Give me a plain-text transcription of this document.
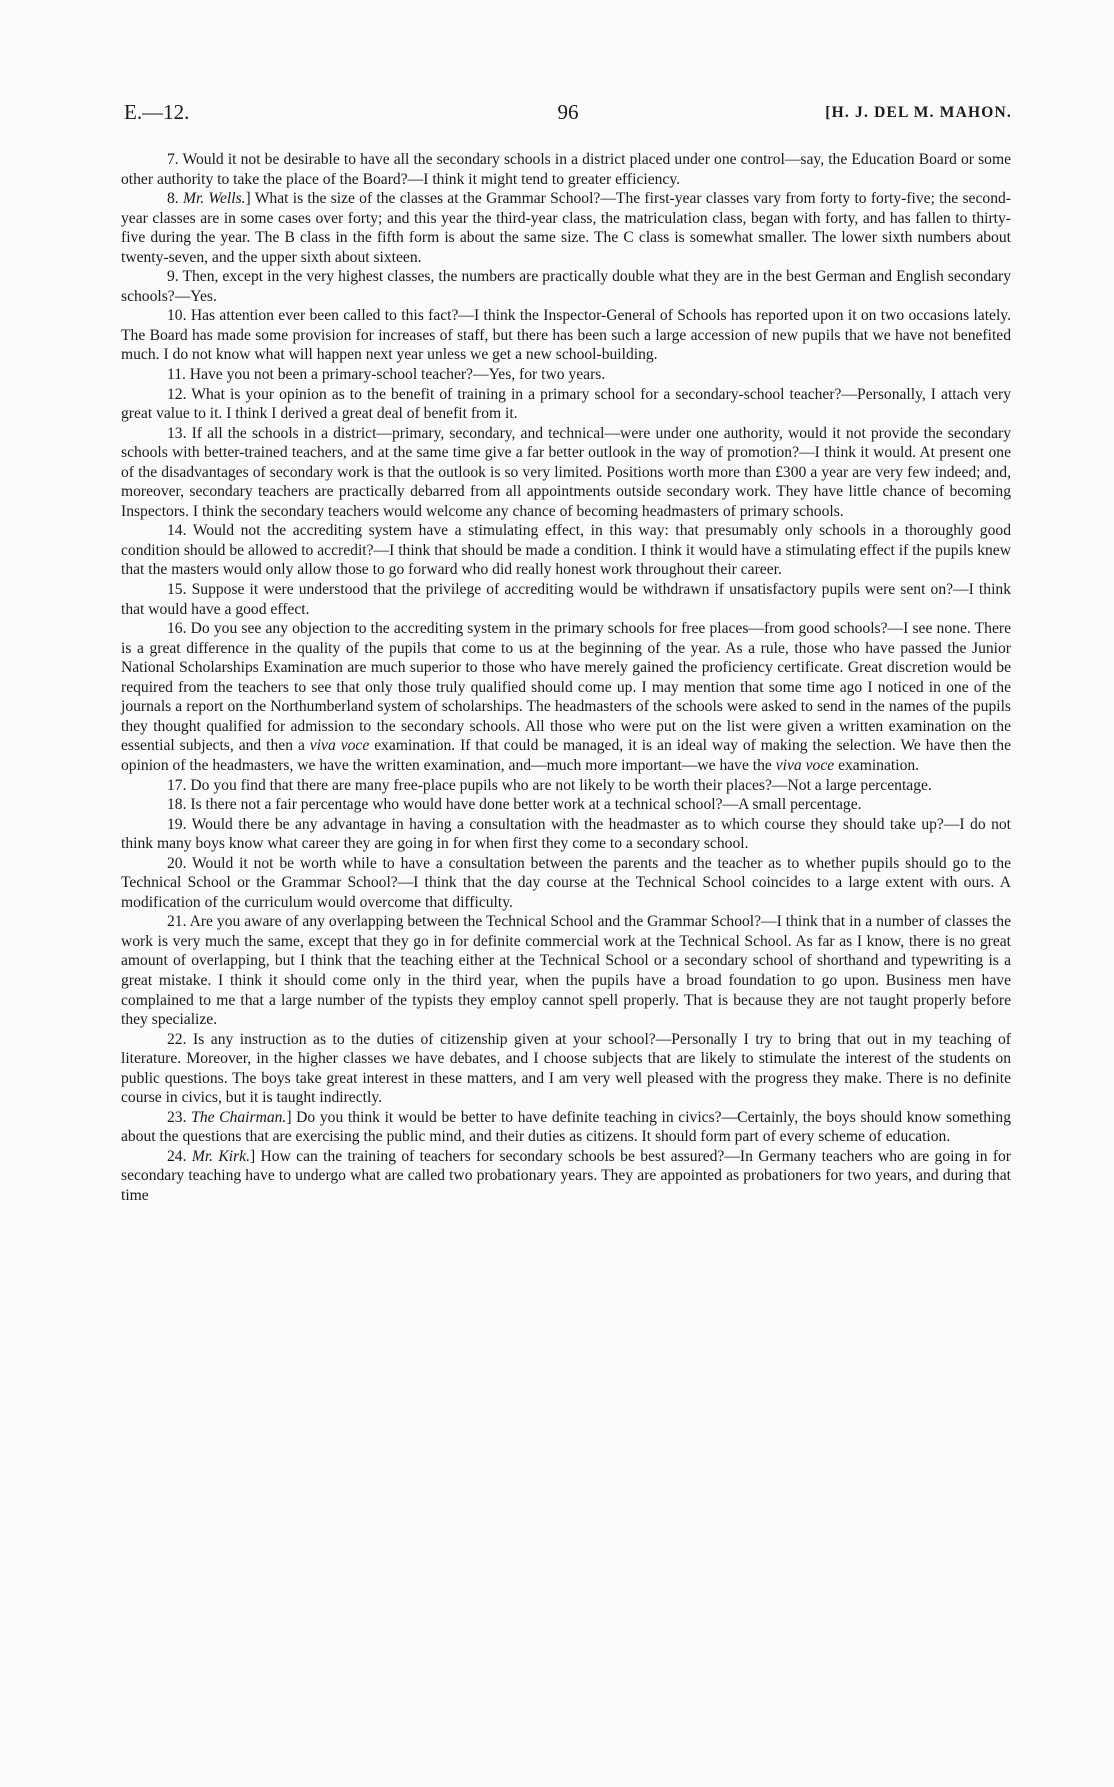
E.—12.	96	[H. J. DEL M. MAHON.

7. Would it not be desirable to have all the secondary schools in a district placed under one control—say, the Education Board or some other authority to take the place of the Board?—I think it might tend to greater efficiency.

8. Mr. Wells.] What is the size of the classes at the Grammar School?—The first-year classes vary from forty to forty-five; the second-year classes are in some cases over forty; and this year the third-year class, the matriculation class, began with forty, and has fallen to thirty-five during the year. The B class in the fifth form is about the same size. The C class is somewhat smaller. The lower sixth numbers about twenty-seven, and the upper sixth about sixteen.

9. Then, except in the very highest classes, the numbers are practically double what they are in the best German and English secondary schools?—Yes.

10. Has attention ever been called to this fact?—I think the Inspector-General of Schools has reported upon it on two occasions lately. The Board has made some provision for increases of staff, but there has been such a large accession of new pupils that we have not benefited much. I do not know what will happen next year unless we get a new school-building.

11. Have you not been a primary-school teacher?—Yes, for two years.

12. What is your opinion as to the benefit of training in a primary school for a secondary-school teacher?—Personally, I attach very great value to it. I think I derived a great deal of benefit from it.

13. If all the schools in a district—primary, secondary, and technical—were under one authority, would it not provide the secondary schools with better-trained teachers, and at the same time give a far better outlook in the way of promotion?—I think it would. At present one of the disadvantages of secondary work is that the outlook is so very limited. Positions worth more than £300 a year are very few indeed; and, moreover, secondary teachers are practically debarred from all appointments outside secondary work. They have little chance of becoming Inspectors. I think the secondary teachers would welcome any chance of becoming headmasters of primary schools.

14. Would not the accrediting system have a stimulating effect, in this way: that presumably only schools in a thoroughly good condition should be allowed to accredit?—I think that should be made a condition. I think it would have a stimulating effect if the pupils knew that the masters would only allow those to go forward who did really honest work throughout their career.

15. Suppose it were understood that the privilege of accrediting would be withdrawn if unsatisfactory pupils were sent on?—I think that would have a good effect.

16. Do you see any objection to the accrediting system in the primary schools for free places—from good schools?—I see none. There is a great difference in the quality of the pupils that come to us at the beginning of the year. As a rule, those who have passed the Junior National Scholarships Examination are much superior to those who have merely gained the proficiency certificate. Great discretion would be required from the teachers to see that only those truly qualified should come up. I may mention that some time ago I noticed in one of the journals a report on the Northumberland system of scholarships. The headmasters of the schools were asked to send in the names of the pupils they thought qualified for admission to the secondary schools. All those who were put on the list were given a written examination on the essential subjects, and then a viva voce examination. If that could be managed, it is an ideal way of making the selection. We have then the opinion of the headmasters, we have the written examination, and—much more important—we have the viva voce examination.

17. Do you find that there are many free-place pupils who are not likely to be worth their places?—Not a large percentage.

18. Is there not a fair percentage who would have done better work at a technical school?—A small percentage.

19. Would there be any advantage in having a consultation with the headmaster as to which course they should take up?—I do not think many boys know what career they are going in for when first they come to a secondary school.

20. Would it not be worth while to have a consultation between the parents and the teacher as to whether pupils should go to the Technical School or the Grammar School?—I think that the day course at the Technical School coincides to a large extent with ours. A modification of the curriculum would overcome that difficulty.

21. Are you aware of any overlapping between the Technical School and the Grammar School?—I think that in a number of classes the work is very much the same, except that they go in for definite commercial work at the Technical School. As far as I know, there is no great amount of overlapping, but I think that the teaching either at the Technical School or a secondary school of shorthand and typewriting is a great mistake. I think it should come only in the third year, when the pupils have a broad foundation to go upon. Business men have complained to me that a large number of the typists they employ cannot spell properly. That is because they are not taught properly before they specialize.

22. Is any instruction as to the duties of citizenship given at your school?—Personally I try to bring that out in my teaching of literature. Moreover, in the higher classes we have debates, and I choose subjects that are likely to stimulate the interest of the students on public questions. The boys take great interest in these matters, and I am very well pleased with the progress they make. There is no definite course in civics, but it is taught indirectly.

23. The Chairman.] Do you think it would be better to have definite teaching in civics?—Certainly, the boys should know something about the questions that are exercising the public mind, and their duties as citizens. It should form part of every scheme of education.

24. Mr. Kirk.] How can the training of teachers for secondary schools be best assured?—In Germany teachers who are going in for secondary teaching have to undergo what are called two probationary years. They are appointed as probationers for two years, and during that time
